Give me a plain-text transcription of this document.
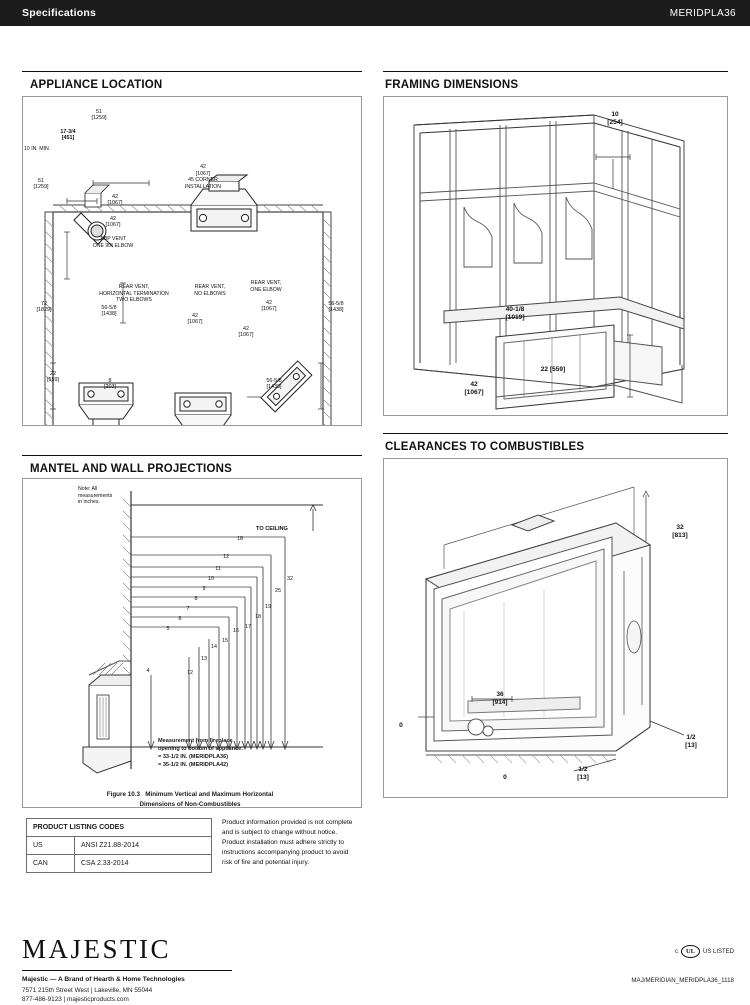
Specifications	MERIDPLA36
APPLIANCE LOCATION	FRAMING DIMENSIONS
MANTEL AND WALL PROJECTIONS
CLEARANCES TO COMBUSTIBLES
51
[1259]
17-3/4
[451]
10 IN. MIN.
51
[1259]
42
[1067]
42
[1067]
TOP VENT
ONE 90º ELBOW
42
[1067]
45 CORNER
INSTALLATION
REAR VENT,
HORIZONTAL TERMINATION
TWO ELBOWS
REAR VENT,
NO ELBOWS
REAR VENT,
ONE ELBOW
72
[1829]
56-5/8
[1438]
56-5/8
[1438]	42
[1067]
42
[1067]
42
[1067]
22
[559]	8
[203]
56-5/8
[1438]
10
[254]
40-1/8
[1019]
22 [559]
42
[1067]
Note: All
measurements
in inches.
TO CEILING
18
12
11
10
9
8
7
6
5
32
25
19
18
17
16
15
14
13
12
4
Measurement from fireplace
opening to bottom of appliance:
= 33-1/2 IN. (MERIDPLA36)
= 35-1/2 IN. (MERIDPLA42)

Figure 10.3 Minimum Vertical and Maximum Horizontal
Dimensions of Non-Combustibles

32
[813]
36
[914]
0
0
1/2
[13]
1/2
[13]
PRODUCT LISTING CODES	
US	ANSI Z21.88-2014
CAN	CSA 2.33-2014
Product information provided is not complete and is subject to change without notice. Product installation must adhere strictly to instructions accompanying product to avoid risk of fire and potential injury.
MAJESTIC
Majestic — A Brand of Hearth & Home Technologies
7571 215th Street West | Lakeville, MN 55044
877-486-9123 | majesticproducts.com
c	UL	US LISTED
MAJ/MERIDIAN_MERIDPLA36_1118
